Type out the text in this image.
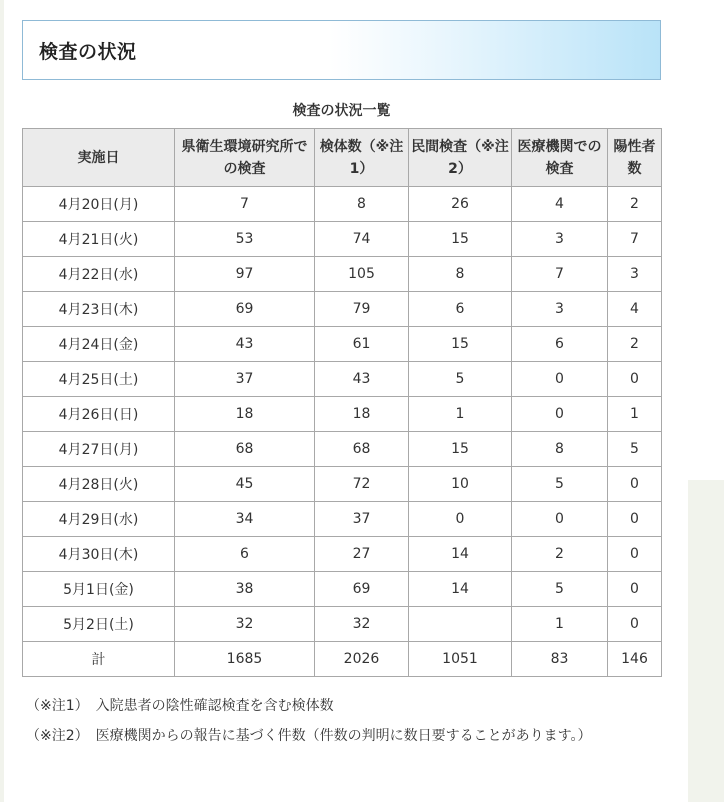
検査の状況
検査の状況一覧
実施日	県衛生環境研究所での検査	検体数（※注1）	民間検査（※注2）	医療機関での検査	陽性者数
4月20日(月)	7	8	26	4	2
4月21日(火)	53	74	15	3	7
4月22日(水)	97	105	8	7	3
4月23日(木)	69	79	6	3	4
4月24日(金)	43	61	15	6	2
4月25日(土)	37	43	5	0	0
4月26日(日)	18	18	1	0	1
4月27日(月)	68	68	15	8	5
4月28日(火)	45	72	10	5	0
4月29日(水)	34	37	0	0	0
4月30日(木)	6	27	14	2	0
5月1日(金)	38	69	14	5	0
5月2日(土)	32	32		1	0
計	1685	2026	1051	83	146
（※注1）　入院患者の陰性確認検査を含む検体数
（※注2）　医療機関からの報告に基づく件数（件数の判明に数日要することがあります。）
